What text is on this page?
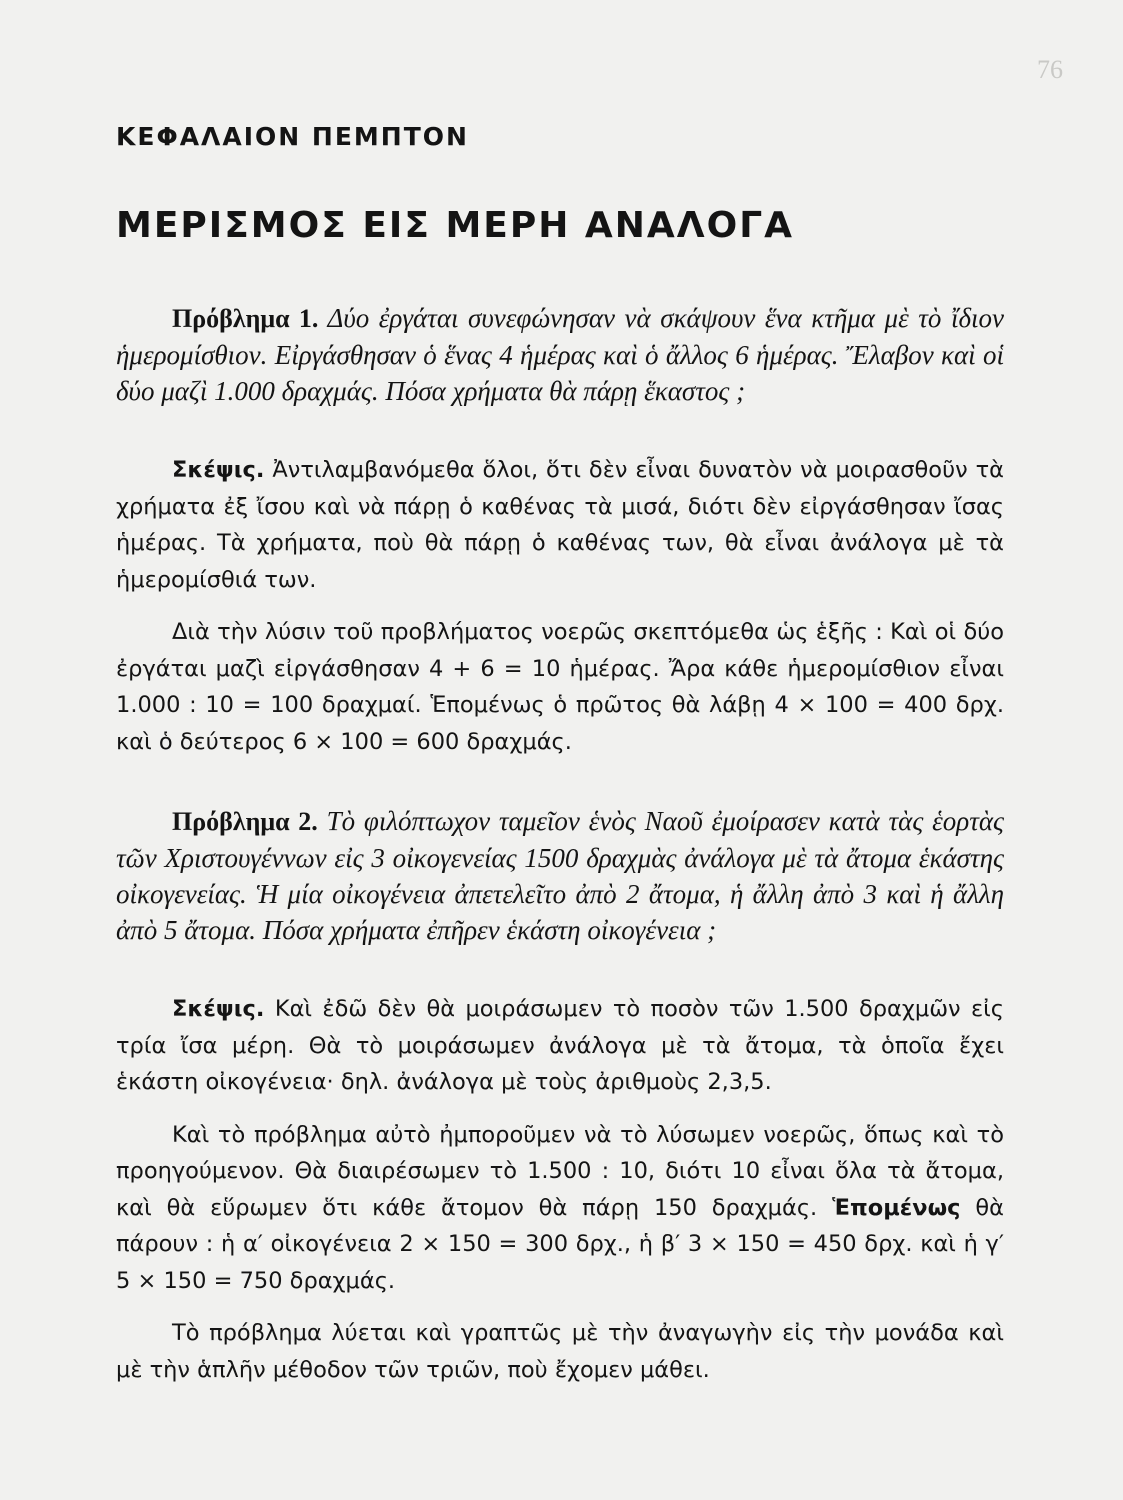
76
ΚΕΦΑΛΑΙΟΝ ΠΕΜΠΤΟΝ
ΜΕΡΙΣΜΟΣ ΕΙΣ ΜΕΡΗ ΑΝΑΛΟΓΑ

Πρόβλημα 1. Δύο ἐργάται συνεφώνησαν νὰ σκάψουν ἕνα κτῆμα μὲ τὸ ἴδιον ἡμερομίσθιον. Εἰργάσθησαν ὁ ἕνας 4 ἡμέρας καὶ ὁ ἄλλος 6 ἡμέρας. Ἔλαβον καὶ οἱ δύο μαζὶ 1.000 δραχμάς. Πόσα χρήματα θὰ πάρῃ ἕκαστος ;

Σκέψις. Ἀντιλαμβανόμεθα ὅλοι, ὅτι δὲν εἶναι δυνατὸν νὰ μοιρασθοῦν τὰ χρήματα ἐξ ἴσου καὶ νὰ πάρῃ ὁ καθένας τὰ μισά, διότι δὲν εἰργάσθησαν ἴσας ἡμέρας. Τὰ χρήματα, ποὺ θὰ πάρῃ ὁ καθένας των, θὰ εἶναι ἀνάλογα μὲ τὰ ἡμερομίσθιά των.

Διὰ τὴν λύσιν τοῦ προβλήματος νοερῶς σκεπτόμεθα ὡς ἑξῆς : Καὶ οἱ δύο ἐργάται μαζὶ εἰργάσθησαν 4 + 6 = 10 ἡμέρας. Ἄρα κάθε ἡμερομίσθιον εἶναι 1.000 : 10 = 100 δραχμαί. Ἑπομένως ὁ πρῶτος θὰ λάβῃ 4 × 100 = 400 δρχ. καὶ ὁ δεύτερος 6 × 100 = 600 δραχμάς.

Πρόβλημα 2. Τὸ φιλόπτωχον ταμεῖον ἑνὸς Ναοῦ ἐμοίρασεν κατὰ τὰς ἑορτὰς τῶν Χριστουγέννων εἰς 3 οἰκογενείας 1500 δραχμὰς ἀνάλογα μὲ τὰ ἄτομα ἑκάστης οἰκογενείας. Ἡ μία οἰκογένεια ἀπετελεῖτο ἀπὸ 2 ἄτομα, ἡ ἄλλη ἀπὸ 3 καὶ ἡ ἄλλη ἀπὸ 5 ἄτομα. Πόσα χρήματα ἐπῆρεν ἑκάστη οἰκογένεια ;

Σκέψις. Καὶ ἐδῶ δὲν θὰ μοιράσωμεν τὸ ποσὸν τῶν 1.500 δραχμῶν εἰς τρία ἴσα μέρη. Θὰ τὸ μοιράσωμεν ἀνάλογα μὲ τὰ ἄτομα, τὰ ὁποῖα ἔχει ἑκάστη οἰκογένεια· δηλ. ἀνάλογα μὲ τοὺς ἀριθμοὺς 2,3,5.

Καὶ τὸ πρόβλημα αὐτὸ ἠμποροῦμεν νὰ τὸ λύσωμεν νοερῶς, ὅπως καὶ τὸ προηγούμενον. Θὰ διαιρέσωμεν τὸ 1.500 : 10, διότι 10 εἶναι ὅλα τὰ ἄτομα, καὶ θὰ εὕρωμεν ὅτι κάθε ἄτομον θὰ πάρῃ 150 δραχμάς. Ἑπομένως θὰ πάρουν : ἡ α′ οἰκογένεια 2 × 150 = 300 δρχ., ἡ β′ 3 × 150 = 450 δρχ. καὶ ἡ γ′ 5 × 150 = 750 δραχμάς.

Τὸ πρόβλημα λύεται καὶ γραπτῶς μὲ τὴν ἀναγωγὴν εἰς τὴν μονάδα καὶ μὲ τὴν ἁπλῆν μέθοδον τῶν τριῶν, ποὺ ἔχομεν μάθει.
